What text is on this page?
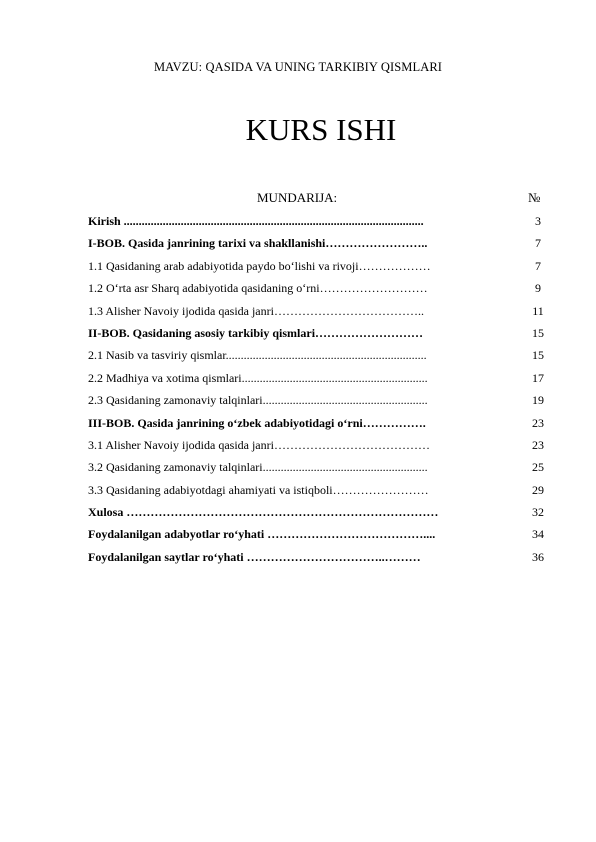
MAVZU: QASIDA VA UNING TARKIBIY QISMLARI
KURS ISHI
MUNDARIJA:	№
Kirish ....................................................................................................	3
I-BOB. Qasida janrining tarixi va shakllanishi……………………..	7
1.1 Qasidaning arab adabiyotida paydo bo‘lishi va rivoji………………	7
1.2 O‘rta asr Sharq adabiyotida qasidaning o‘rni………………………	9
1.3 Alisher Navoiy ijodida qasida janri………………………………..	11
II-BOB. Qasidaning asosiy tarkibiy qismlari………………………	15
2.1 Nasib va tasviriy qismlar...................................................................	15
2.2 Madhiya va xotima qismlari..............................................................	17
2.3 Qasidaning zamonaviy talqinlari.......................................................	19
III-BOB. Qasida janrining o‘zbek adabiyotidagi o‘rni…………….	23
3.1 Alisher Navoiy ijodida qasida janri…………………………………	23
3.2 Qasidaning zamonaviy talqinlari.......................................................	25
3.3 Qasidaning adabiyotdagi ahamiyati va istiqboli……………………	29
Xulosa ……………………………………………………………………	32
Foydalanilgan adabyotlar ro‘yhati …………………………………....	34
Foydalanilgan saytlar ro‘yhati ……………………………..………	36
